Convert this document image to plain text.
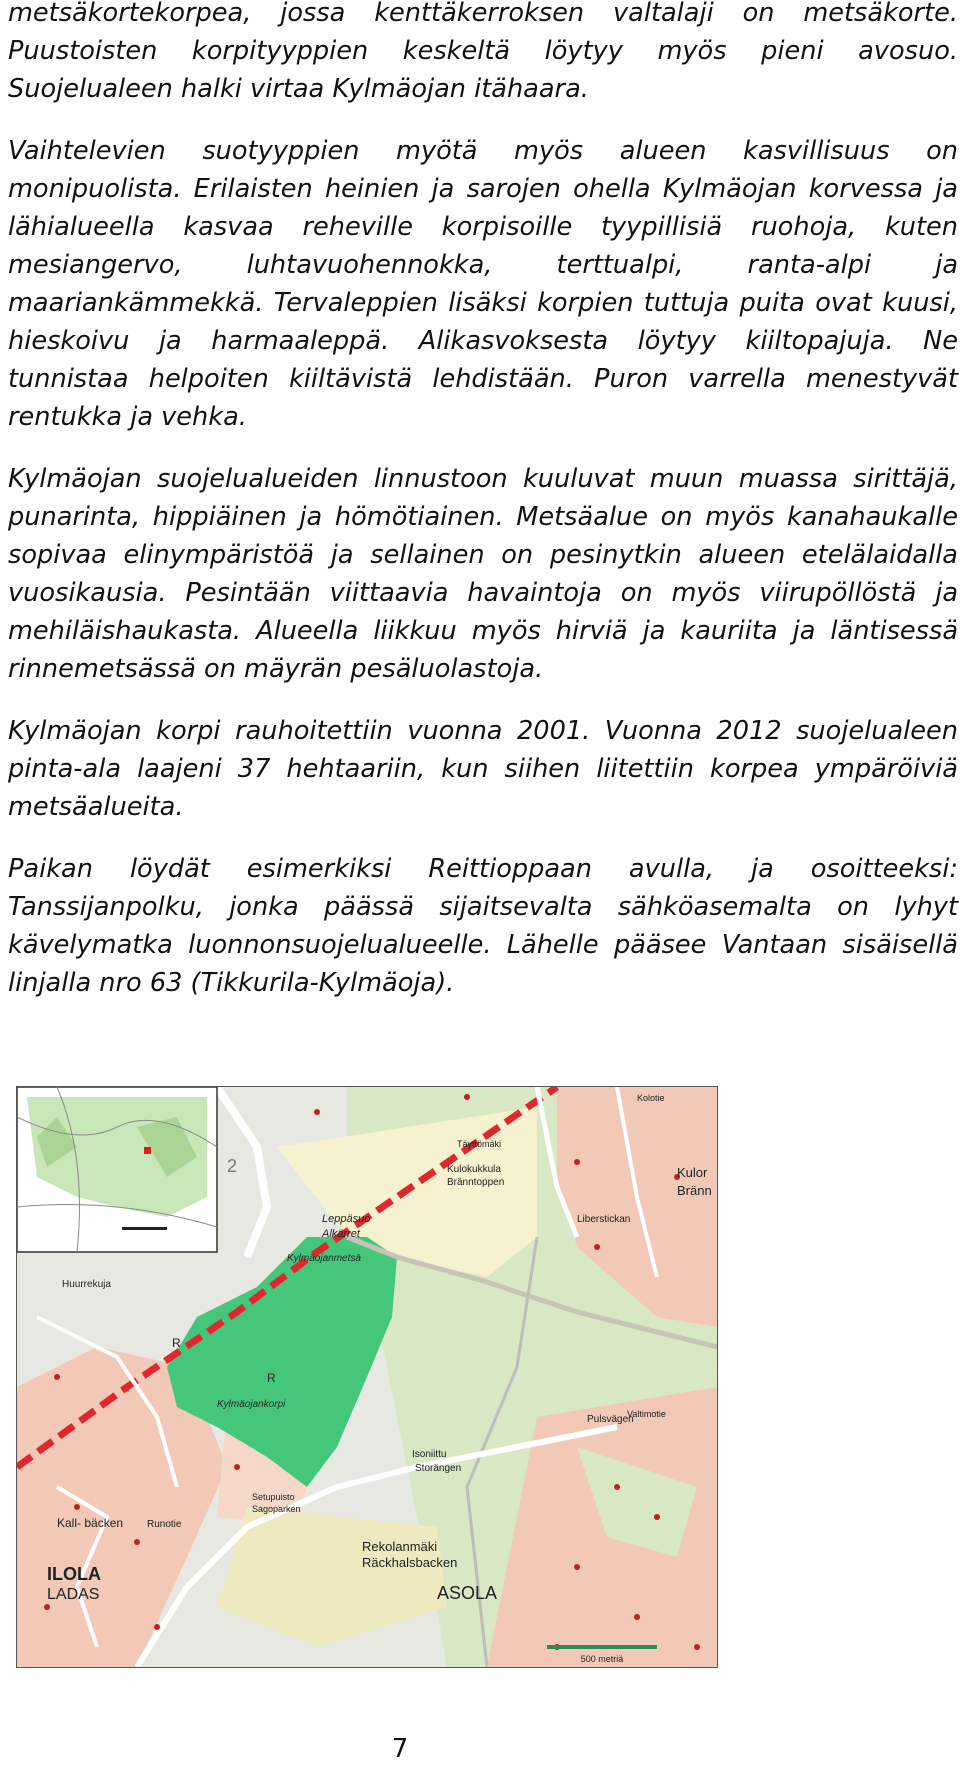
metsäkortekorpea, jossa kenttäkerroksen valtalaji on metsäkorte. Puustoisten korpityyppien keskeltä löytyy myös pieni avosuo. Suojelualeen halki virtaa Kylmäojan itähaara.

Vaihtelevien suotyyppien myötä myös alueen kasvillisuus on monipuolista. Erilaisten heinien ja sarojen ohella Kylmäojan korvessa ja lähialueella kasvaa reheville korpisoille tyypillisiä ruohoja, kuten mesiangervo, luhtavuohennokka, terttualpi, ranta-alpi ja maariankämmekkä. Tervaleppien lisäksi korpien tuttuja puita ovat kuusi, hieskoivu ja harmaaleppä. Alikasvoksesta löytyy kiiltopajuja. Ne tunnistaa helpoiten kiiltävistä lehdistään. Puron varrella menestyvät rentukka ja vehka.

Kylmäojan suojelualueiden linnustoon kuuluvat muun muassa sirittäjä, punarinta, hippiäinen ja hömötiainen. Metsäalue on myös kanahaukalle sopivaa elinympäristöä ja sellainen on pesinytkin alueen etelälaidalla vuosikausia. Pesintään viittaavia havaintoja on myös viirupöllöstä ja mehiläishaukasta. Alueella liikkuu myös hirviä ja kauriita ja läntisessä rinnemetsässä on mäyrän pesäluolastoja.

Kylmäojan korpi rauhoitettiin vuonna 2001. Vuonna 2012 suojelualeen pinta-ala laajeni 37 hehtaariin, kun siihen liitettiin korpea ympäröiviä metsäalueita.

Paikan löydät esimerkiksi Reittioppaan avulla, ja osoitteeksi: Tanssijanpolku, jonka päässä sijaitsevalta sähköasemalta on lyhyt kävelymatka luonnonsuojelualueelle. Lähelle pääsee Vantaan sisäisellä linjalla nro 63 (Tikkurila-Kylmäoja).

500 metriä
Kylmäojanmetsä
Kylmäojankorpi
Leppäsuo
Alkärret
Huurrekuja
Täyttömäki
Kulokukkula
Bränntoppen
Liberstickan
Isoniittu
Storängen
Rekolanmäki
Räckhalsbacken
ASOLA
ILOLA
LADAS
Pulsvägen
Runotie
Kall- bäcken
Setupuisto
Sagoparken
Kulor
Bränn
Valtimotie
Kolotie
R
R
2
7
